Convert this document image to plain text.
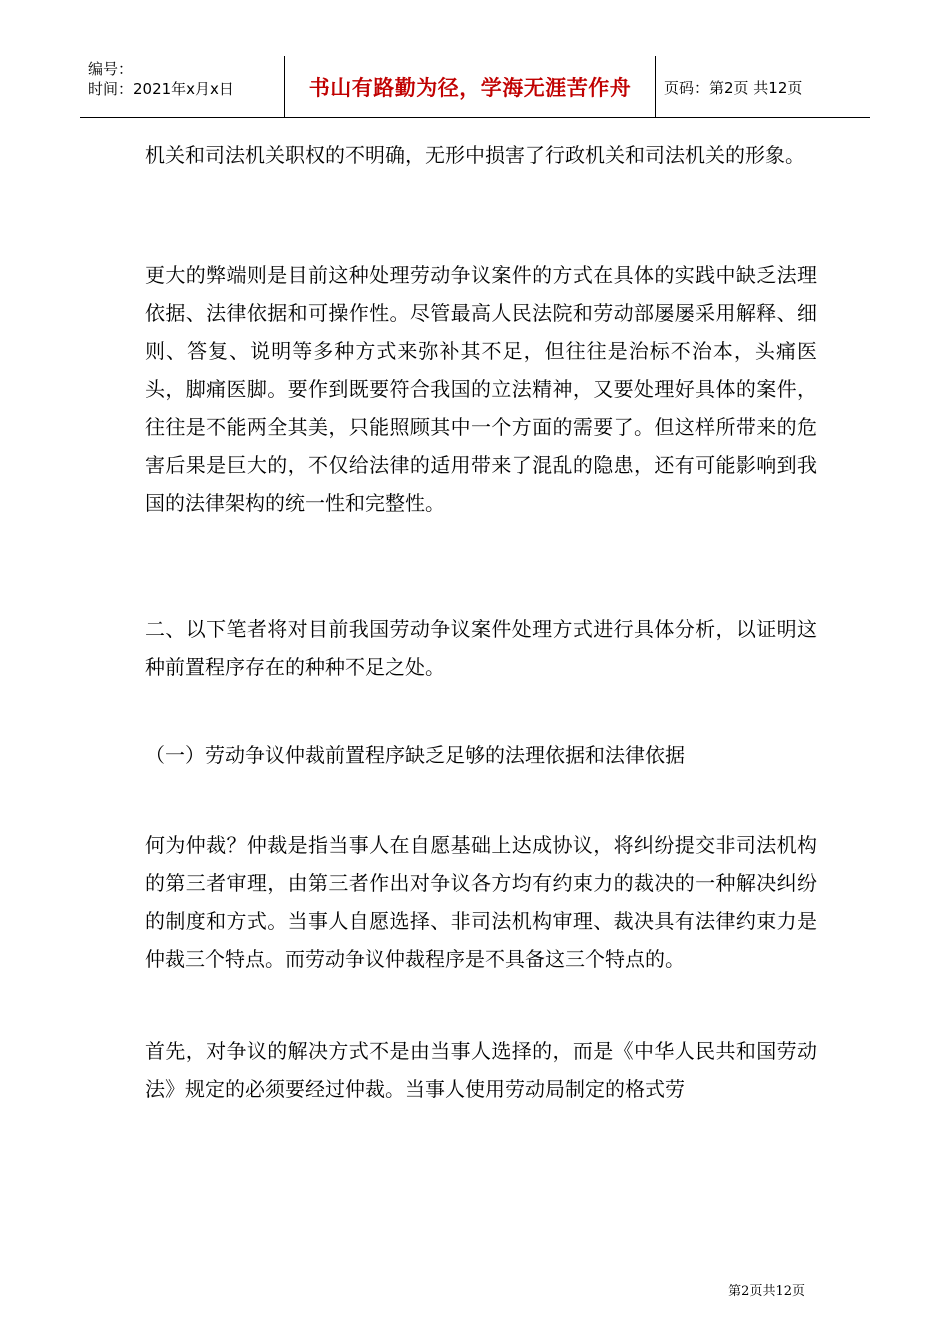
编号：
时间：2021年x月x日	书山有路勤为径，学海无涯苦作舟	页码：第2页 共12页

机关和司法机关职权的不明确，无形中损害了行政机关和司法机关的形象。

更大的弊端则是目前这种处理劳动争议案件的方式在具体的实践中缺乏法理依据、法律依据和可操作性。尽管最高人民法院和劳动部屡屡采用解释、细则、答复、说明等多种方式来弥补其不足，但往往是治标不治本，头痛医头，脚痛医脚。要作到既要符合我国的立法精神，又要处理好具体的案件，往往是不能两全其美，只能照顾其中一个方面的需要了。但这样所带来的危害后果是巨大的，不仅给法律的适用带来了混乱的隐患，还有可能影响到我国的法律架构的统一性和完整性。

二、以下笔者将对目前我国劳动争议案件处理方式进行具体分析，以证明这种前置程序存在的种种不足之处。

（一）劳动争议仲裁前置程序缺乏足够的法理依据和法律依据

何为仲裁？仲裁是指当事人在自愿基础上达成协议，将纠纷提交非司法机构的第三者审理，由第三者作出对争议各方均有约束力的裁决的一种解决纠纷的制度和方式。当事人自愿选择、非司法机构审理、裁决具有法律约束力是仲裁三个特点。而劳动争议仲裁程序是不具备这三个特点的。

首先，对争议的解决方式不是由当事人选择的，而是《中华人民共和国劳动法》规定的必须要经过仲裁。当事人使用劳动局制定的格式劳

第2页共12页
